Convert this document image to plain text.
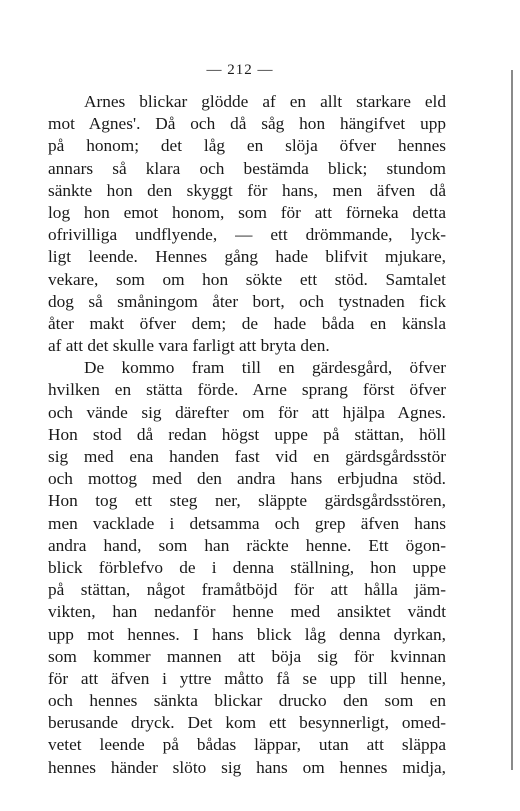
— 212 —
Arnes blickar glödde af en allt starkare eld
mot Agnes'. Då och då såg hon hängifvet upp
på honom; det låg en slöja öfver hennes
annars så klara och bestämda blick; stundom
sänkte hon den skyggt för hans, men äfven då
log hon emot honom, som för att förneka detta
ofrivilliga undflyende, — ett drömmande, lyck-
ligt leende. Hennes gång hade blifvit mjukare,
vekare, som om hon sökte ett stöd. Samtalet
dog så småningom åter bort, och tystnaden fick
åter makt öfver dem; de hade båda en känsla
af att det skulle vara farligt att bryta den.
De kommo fram till en gärdesgård, öfver
hvilken en stätta förde. Arne sprang först öfver
och vände sig därefter om för att hjälpa Agnes.
Hon stod då redan högst uppe på stättan, höll
sig med ena handen fast vid en gärdsgårdsstör
och mottog med den andra hans erbjudna stöd.
Hon tog ett steg ner, släppte gärdsgårdsstören,
men vacklade i detsamma och grep äfven hans
andra hand, som han räckte henne. Ett ögon-
blick förblefvo de i denna ställning, hon uppe
på stättan, något framåtböjd för att hålla jäm-
vikten, han nedanför henne med ansiktet vändt
upp mot hennes. I hans blick låg denna dyrkan,
som kommer mannen att böja sig för kvinnan
för att äfven i yttre måtto få se upp till henne,
och hennes sänkta blickar drucko den som en
berusande dryck. Det kom ett besynnerligt, omed-
vetet leende på bådas läppar, utan att släppa
hennes händer slöto sig hans om hennes midja,
